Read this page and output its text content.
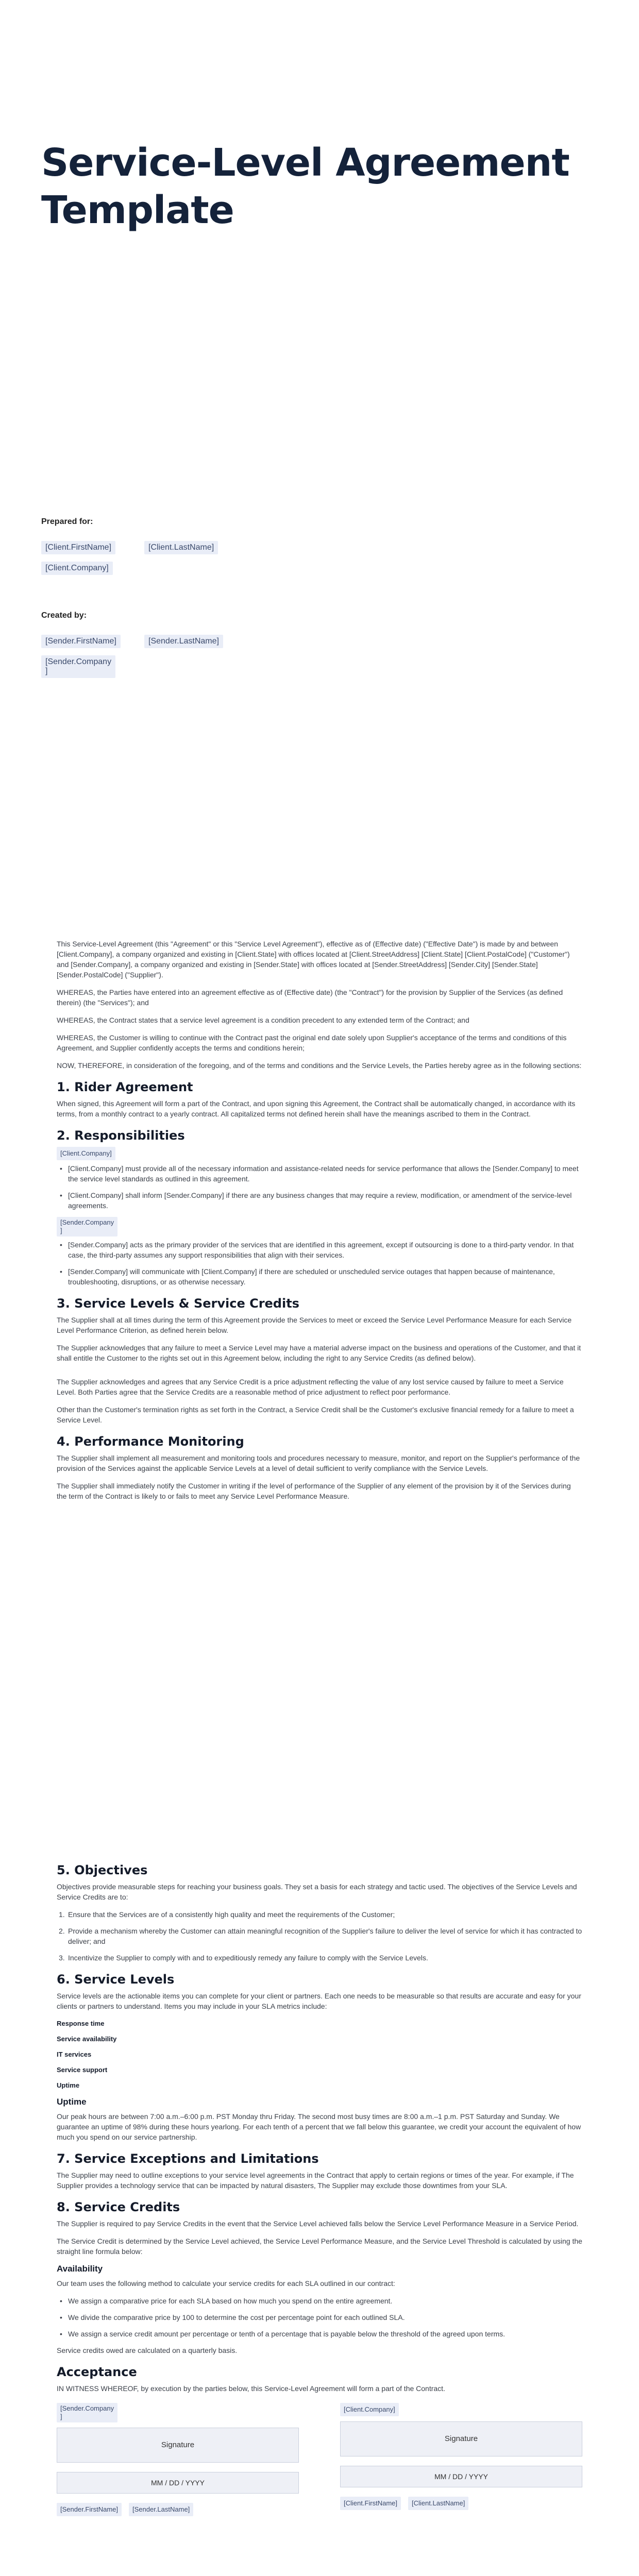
Service-Level Agreement
Template
Prepared for:
[Client.FirstName]	[Client.LastName]
[Client.Company]
Created by:
[Sender.FirstName]	[Sender.LastName]
[Sender.Company
]

This Service-Level Agreement (this "Agreement" or this "Service Level Agreement"), effective as of (Effective date) ("Effective Date") is made by and between [Client.Company], a company organized and existing in [Client.State] with offices located at [Client.StreetAddress] [Client.State] [Client.PostalCode] ("Customer") and [Sender.Company], a company organized and existing in [Sender.State] with offices located at [Sender.StreetAddress] [Sender.City] [Sender.State] [Sender.PostalCode] ("Supplier").

WHEREAS, the Parties have entered into an agreement effective as of (Effective date) (the "Contract") for the provision by Supplier of the Services (as defined therein) (the "Services"); and

WHEREAS, the Contract states that a service level agreement is a condition precedent to any extended term of the Contract; and

WHEREAS, the Customer is willing to continue with the Contract past the original end date solely upon Supplier's acceptance of the terms and conditions of this Agreement, and Supplier confidently accepts the terms and conditions herein;

NOW, THEREFORE, in consideration of the foregoing, and of the terms and conditions and the Service Levels, the Parties hereby agree as in the following sections:

1. Rider Agreement

When signed, this Agreement will form a part of the Contract, and upon signing this Agreement, the Contract shall be automatically changed, in accordance with its terms, from a monthly contract to a yearly contract. All capitalized terms not defined herein shall have the meanings ascribed to them in the Contract.

2. Responsibilities
[Client.Company]
• [Client.Company] must provide all of the necessary information and assistance-related needs for service performance that allows the [Sender.Company] to meet the service level standards as outlined in this agreement.
• [Client.Company] shall inform [Sender.Company] if there are any business changes that may require a review, modification, or amendment of the service-level agreements.
[Sender.Company
]
• [Sender.Company] acts as the primary provider of the services that are identified in this agreement, except if outsourcing is done to a third-party vendor. In that case, the third-party assumes any support responsibilities that align with their services.
• [Sender.Company] will communicate with [Client.Company] if there are scheduled or unscheduled service outages that happen because of maintenance, troubleshooting, disruptions, or as otherwise necessary.
3. Service Levels & Service Credits

The Supplier shall at all times during the term of this Agreement provide the Services to meet or exceed the Service Level Performance Measure for each Service Level Performance Criterion, as defined herein below.

The Supplier acknowledges that any failure to meet a Service Level may have a material adverse impact on the business and operations of the Customer, and that it shall entitle the Customer to the rights set out in this Agreement below, including the right to any Service Credits (as defined below).

The Supplier acknowledges and agrees that any Service Credit is a price adjustment reflecting the value of any lost service caused by failure to meet a Service Level. Both Parties agree that the Service Credits are a reasonable method of price adjustment to reflect poor performance.

Other than the Customer's termination rights as set forth in the Contract, a Service Credit shall be the Customer's exclusive financial remedy for a failure to meet a Service Level.

4. Performance Monitoring

The Supplier shall implement all measurement and monitoring tools and procedures necessary to measure, monitor, and report on the Supplier's performance of the provision of the Services against the applicable Service Levels at a level of detail sufficient to verify compliance with the Service Levels.

The Supplier shall immediately notify the Customer in writing if the level of performance of the Supplier of any element of the provision by it of the Services during the term of the Contract is likely to or fails to meet any Service Level Performance Measure.

5. Objectives

Objectives provide measurable steps for reaching your business goals. They set a basis for each strategy and tactic used. The objectives of the Service Levels and Service Credits are to:

1. Ensure that the Services are of a consistently high quality and meet the requirements of the Customer;
2. Provide a mechanism whereby the Customer can attain meaningful recognition of the Supplier's failure to deliver the level of service for which it has contracted to deliver; and
3. Incentivize the Supplier to comply with and to expeditiously remedy any failure to comply with the Service Levels.
6. Service Levels

Service levels are the actionable items you can complete for your client or partners. Each one needs to be measurable so that results are accurate and easy for your clients or partners to understand. Items you may include in your SLA metrics include:

Response time
Service availability
IT services
Service support
Uptime
Uptime

Our peak hours are between 7:00 a.m.–6:00 p.m. PST Monday thru Friday. The second most busy times are 8:00 a.m.–1 p.m. PST Saturday and Sunday. We guarantee an uptime of 98% during these hours yearlong. For each tenth of a percent that we fall below this guarantee, we credit your account the equivalent of how much you spend on our service partnership.

7. Service Exceptions and Limitations

The Supplier may need to outline exceptions to your service level agreements in the Contract that apply to certain regions or times of the year. For example, if The Supplier provides a technology service that can be impacted by natural disasters, The Supplier may exclude those downtimes from your SLA.

8. Service Credits

The Supplier is required to pay Service Credits in the event that the Service Level achieved falls below the Service Level Performance Measure in a Service Period.

The Service Credit is determined by the Service Level achieved, the Service Level Performance Measure, and the Service Level Threshold is calculated by using the straight line formula below:

Availability

Our team uses the following method to calculate your service credits for each SLA outlined in our contract:

• We assign a comparative price for each SLA based on how much you spend on the entire agreement.
• We divide the comparative price by 100 to determine the cost per percentage point for each outlined SLA.
• We assign a service credit amount per percentage or tenth of a percentage that is payable below the threshold of the agreed upon terms.

Service credits owed are calculated on a quarterly basis.

Acceptance

IN WITNESS WHEREOF, by execution by the parties below, this Service-Level Agreement will form a part of the Contract.

[Sender.Company
]
Signature
MM / DD / YYYY
[Sender.FirstName]	[Sender.LastName]
[Client.Company]
Signature
MM / DD / YYYY
[Client.FirstName]	[Client.LastName]
